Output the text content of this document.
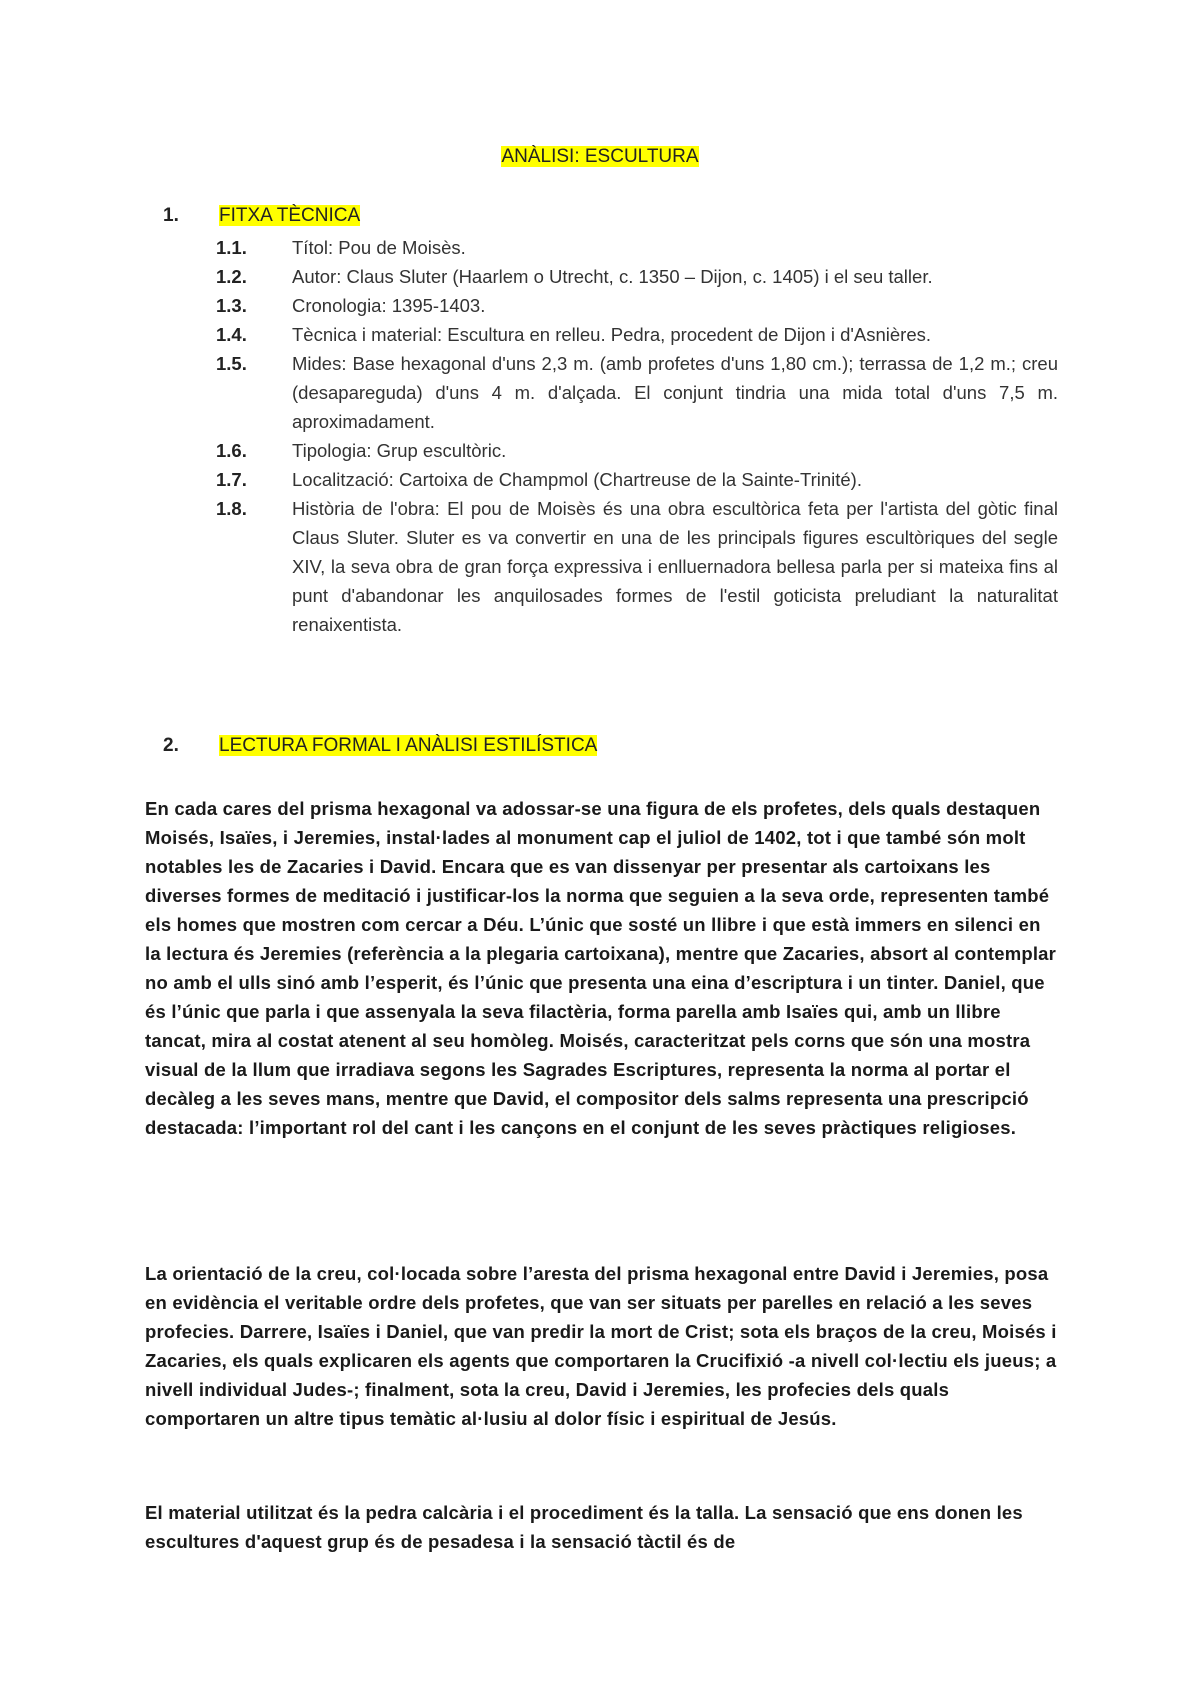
ANÀLISI: ESCULTURA
1. FITXA TÈCNICA
1.1. Títol: Pou de Moisès.
1.2. Autor: Claus Sluter (Haarlem o Utrecht, c. 1350 – Dijon, c. 1405) i el seu taller.
1.3. Cronologia: 1395-1403.
1.4. Tècnica i material: Escultura en relleu. Pedra, procedent de Dijon i d'Asnières.
1.5. Mides: Base hexagonal d'uns 2,3 m. (amb profetes d'uns 1,80 cm.); terrassa de 1,2 m.; creu (desapareguda) d'uns 4 m. d'alçada. El conjunt tindria una mida total d'uns 7,5 m. aproximadament.
1.6. Tipologia: Grup escultòric.
1.7. Localització: Cartoixa de Champmol (Chartreuse de la Sainte-Trinité).
1.8. Història de l'obra: El pou de Moisès és una obra escultòrica feta per l'artista del gòtic final Claus Sluter. Sluter es va convertir en una de les principals figures escultòriques del segle XIV, la seva obra de gran força expressiva i enlluernadora bellesa parla per si mateixa fins al punt d'abandonar les anquilosades formes de l'estil goticista preludiant la naturalitat renaixentista.
2. LECTURA FORMAL I ANÀLISI ESTILÍSTICA
En cada cares del prisma hexagonal va adossar-se una figura de els profetes, dels quals destaquen Moisés, Isaïes, i Jeremies, instal·lades al monument cap el juliol de 1402, tot i que també són molt notables les de Zacaries i David. Encara que es van dissenyar per presentar als cartoixans les diverses formes de meditació i justificar-los la norma que seguien a la seva orde, representen també els homes que mostren com cercar a Déu. L’únic que sosté un llibre i que està immers en silenci en la lectura és Jeremies (referència a la plegaria cartoixana), mentre que Zacaries, absort al contemplar no amb el ulls sinó amb l’esperit, és l’únic que presenta una eina d’escriptura i un tinter. Daniel, que és l’únic que parla i que assenyala la seva filactèria, forma parella amb Isaïes qui, amb un llibre tancat, mira al costat atenent al seu homòleg. Moisés, caracteritzat pels corns que són una mostra visual de la llum que irradiava segons les Sagrades Escriptures, representa la norma al portar el decàleg a les seves mans, mentre que David, el compositor dels salms representa una prescripció destacada: l’important rol del cant i les cançons en el conjunt de les seves pràctiques religioses.
La orientació de la creu, col·locada sobre l’aresta del prisma hexagonal entre David i Jeremies, posa en evidència el veritable ordre dels profetes, que van ser situats per parelles en relació a les seves profecies. Darrere, Isaïes i Daniel, que van predir la mort de Crist; sota els braços de la creu, Moisés i Zacaries, els quals explicaren els agents que comportaren la Crucifixió -a nivell col·lectiu els jueus; a nivell individual Judes-; finalment, sota la creu, David i Jeremies, les profecies dels quals comportaren un altre tipus temàtic al·lusiu al dolor físic i espiritual de Jesús.
El material utilitzat és la pedra calcària i el procediment és la talla. La sensació que ens donen les escultures d'aquest grup és de pesadesa i la sensació tàctil és de
